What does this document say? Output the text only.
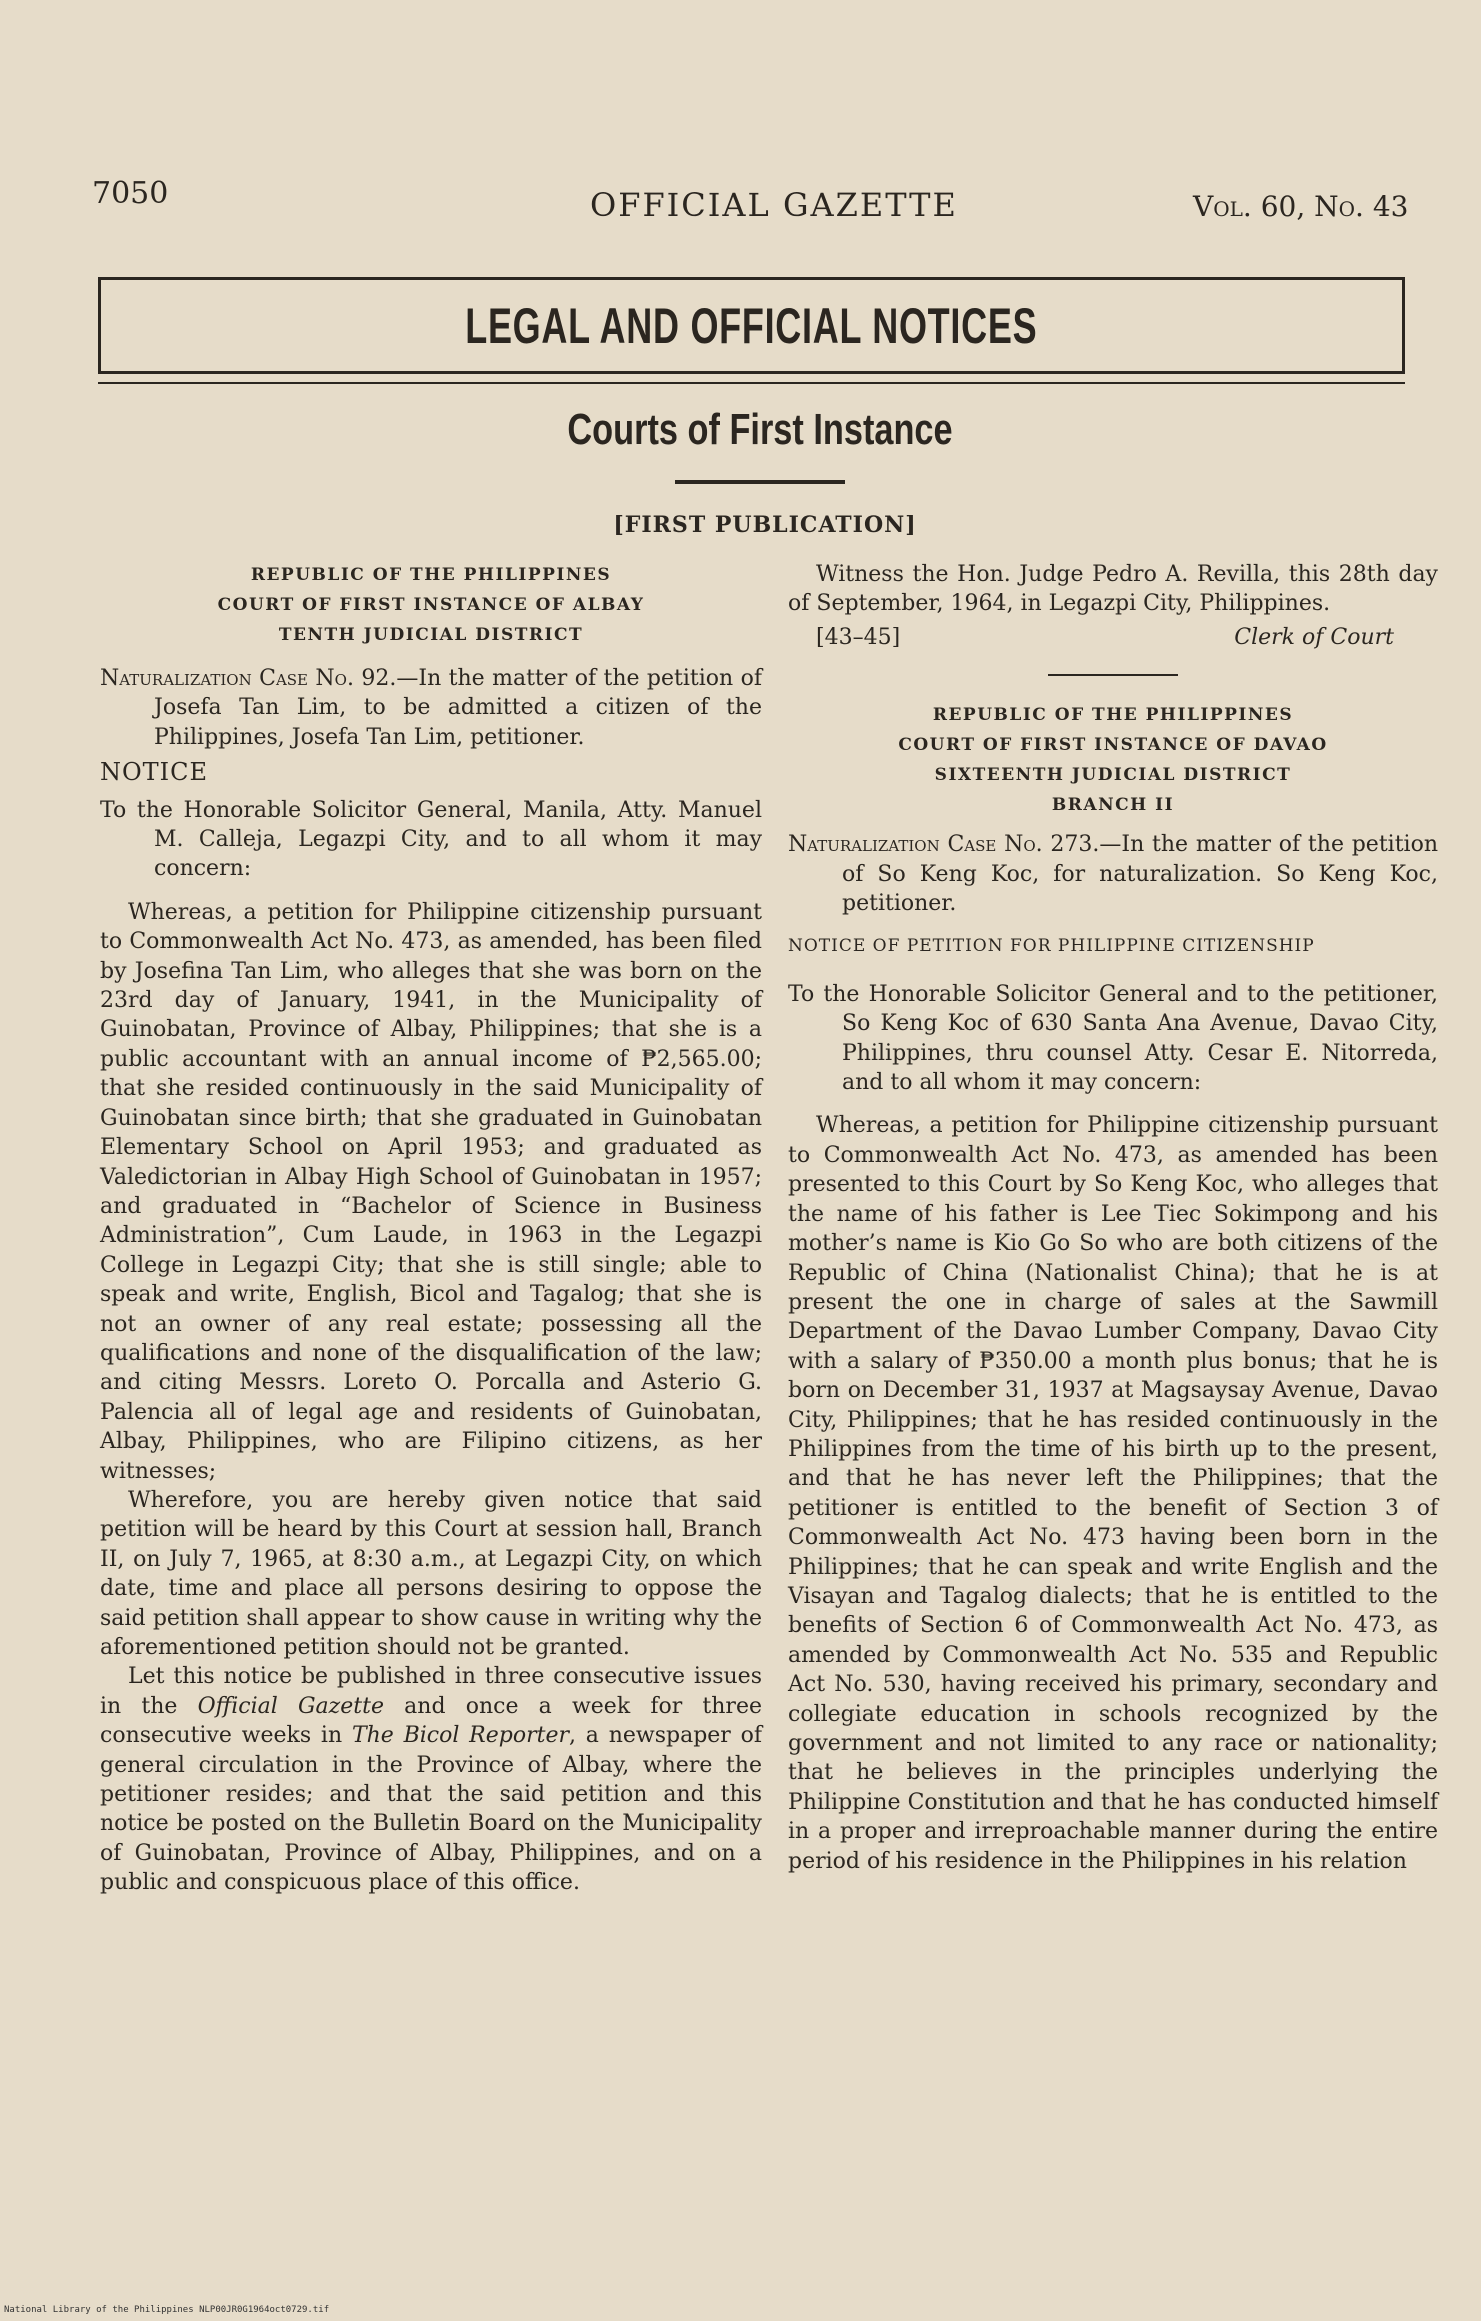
7050	OFFICIAL GAZETTE	Vol. 60, No. 43
LEGAL AND OFFICIAL NOTICES
Courts of First Instance
[FIRST PUBLICATION]
REPUBLIC OF THE PHILIPPINES
COURT OF FIRST INSTANCE OF ALBAY
TENTH JUDICIAL DISTRICT

Naturalization Case No. 92.—In the matter of the petition of Josefa Tan Lim, to be admitted a citizen of the Philippines, Josefa Tan Lim, petitioner.

NOTICE

To the Honorable Solicitor General, Manila, Atty. Manuel M. Calleja, Legazpi City, and to all whom it may concern:

Whereas, a petition for Philippine citizenship pursuant to Commonwealth Act No. 473, as amended, has been filed by Josefina Tan Lim, who alleges that she was born on the 23rd day of January, 1941, in the Municipality of Guinobatan, Province of Albay, Philippines; that she is a public accountant with an annual income of ₱2,565.00; that she resided continuously in the said Municipality of Guinobatan since birth; that she graduated in Guinobatan Elementary School on April 1953; and graduated as Valedictorian in Albay High School of Guinobatan in 1957; and graduated in “Bachelor of Science in Business Administration”, Cum Laude, in 1963 in the Legazpi College in Legazpi City; that she is still single; able to speak and write, English, Bicol and Tagalog; that she is not an owner of any real estate; possessing all the qualifications and none of the disqualification of the law; and citing Messrs. Loreto O. Porcalla and Asterio G. Palencia all of legal age and residents of Guinobatan, Albay, Philippines, who are Filipino citizens, as her witnesses;

Wherefore, you are hereby given notice that said petition will be heard by this Court at session hall, Branch II, on July 7, 1965, at 8:30 a.m., at Legazpi City, on which date, time and place all persons desiring to oppose the said petition shall appear to show cause in writing why the aforementioned petition should not be granted.

Let this notice be published in three consecutive issues in the Official Gazette and once a week for three consecutive weeks in The Bicol Reporter, a newspaper of general circulation in the Province of Albay, where the petitioner resides; and that the said petition and this notice be posted on the Bulletin Board on the Municipality of Guinobatan, Province of Albay, Philippines, and on a public and conspicuous place of this office.

Witness the Hon. Judge Pedro A. Revilla, this 28th day of September, 1964, in Legazpi City, Philippines.

[43–45]	Clerk of Court
REPUBLIC OF THE PHILIPPINES
COURT OF FIRST INSTANCE OF DAVAO
SIXTEENTH JUDICIAL DISTRICT
BRANCH II

Naturalization Case No. 273.—In the matter of the petition of So Keng Koc, for naturalization. So Keng Koc, petitioner.

NOTICE OF PETITION FOR PHILIPPINE CITIZENSHIP

To the Honorable Solicitor General and to the petitioner, So Keng Koc of 630 Santa Ana Avenue, Davao City, Philippines, thru counsel Atty. Cesar E. Nitorreda, and to all whom it may concern:

Whereas, a petition for Philippine citizenship pursuant to Commonwealth Act No. 473, as amended has been presented to this Court by So Keng Koc, who alleges that the name of his father is Lee Tiec Sokimpong and his mother’s name is Kio Go So who are both citizens of the Republic of China (Nationalist China); that he is at present the one in charge of sales at the Sawmill Department of the Davao Lumber Company, Davao City with a salary of ₱350.00 a month plus bonus; that he is born on December 31, 1937 at Magsaysay Avenue, Davao City, Philippines; that he has resided continuously in the Philippines from the time of his birth up to the present, and that he has never left the Philippines; that the petitioner is entitled to the benefit of Section 3 of Commonwealth Act No. 473 having been born in the Philippines; that he can speak and write English and the Visayan and Tagalog dialects; that he is entitled to the benefits of Section 6 of Commonwealth Act No. 473, as amended by Commonwealth Act No. 535 and Republic Act No. 530, having received his primary, secondary and collegiate education in schools recognized by the government and not limited to any race or nationality; that he believes in the principles underlying the Philippine Constitution and that he has conducted himself in a proper and irreproachable manner during the entire period of his residence in the Philippines in his relation

National Library of the Philippines NLP00JR0G1964oct0729.tif
